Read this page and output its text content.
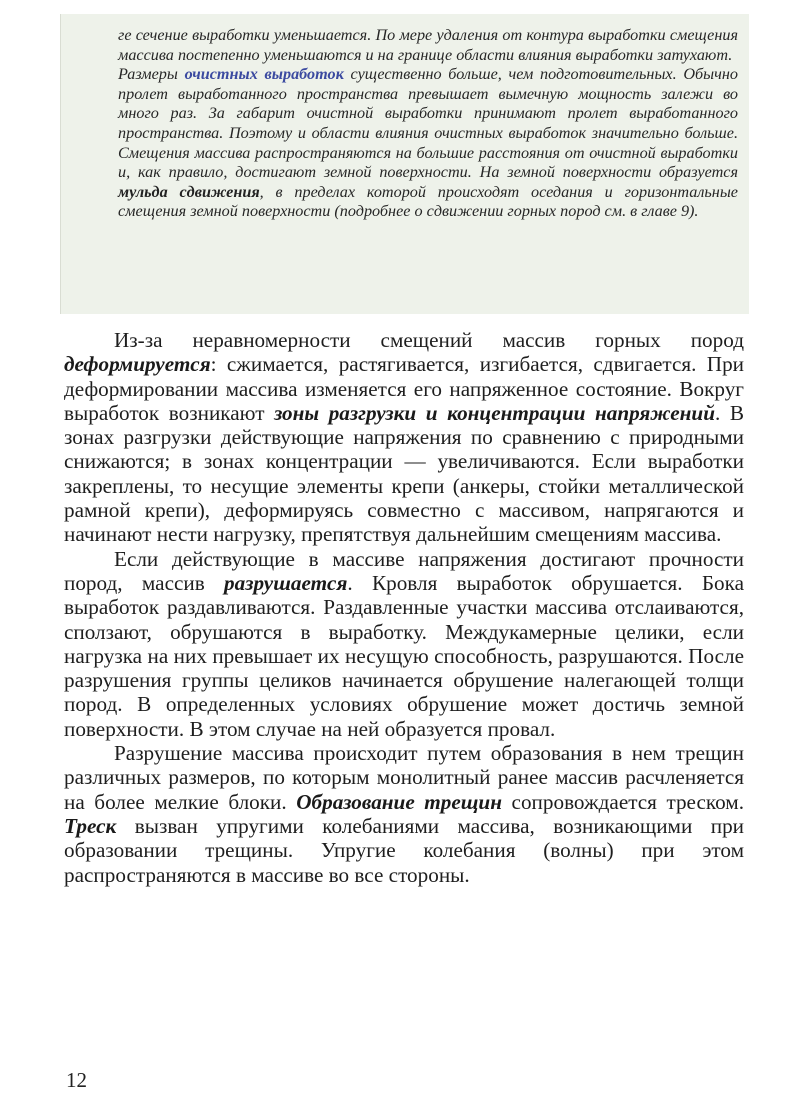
ге сечение выработки уменьшается. По мере удаления от контура выработки смещения массива постепенно уменьшаются и на границе области влияния выработки затухают.

Размеры очистных выработок существенно больше, чем подготовительных. Обычно пролет выработанного пространства превышает вымечную мощность залежи во много раз. За габарит очистной выработки принимают пролет выработанного пространства. Поэтому и области влияния очистных выработок значительно больше. Смещения массива распространяются на большие расстояния от очистной выработки и, как правило, достигают земной поверхности. На земной поверхности образуется мульда сдвижения, в пределах которой происходят оседания и горизонтальные смещения земной поверхности (подробнее о сдвижении горных пород см. в главе 9).

Из-за неравномерности смещений массив горных пород деформируется: сжимается, растягивается, изгибается, сдвигается. При деформировании массива изменяется его напряженное состояние. Вокруг выработок возникают зоны разгрузки и концентрации напряжений. В зонах разгрузки действующие напряжения по сравнению с природными снижаются; в зонах концентрации — увеличиваются. Если выработки закреплены, то несущие элементы крепи (анкеры, стойки металлической рамной крепи), деформируясь совместно с массивом, напрягаются и начинают нести нагрузку, препятствуя дальнейшим смещениям массива.

Если действующие в массиве напряжения достигают прочности пород, массив разрушается. Кровля выработок обрушается. Бока выработок раздавливаются. Раздавленные участки массива отслаиваются, сползают, обрушаются в выработку. Междукамерные целики, если нагрузка на них превышает их несущую способность, разрушаются. После разрушения группы целиков начинается обрушение налегающей толщи пород. В определенных условиях обрушение может достичь земной поверхности. В этом случае на ней образуется провал.

Разрушение массива происходит путем образования в нем трещин различных размеров, по которым монолитный ранее массив расчленяется на более мелкие блоки. Образование трещин сопровождается треском. Треск вызван упругими колебаниями массива, возникающими при образовании трещины. Упругие колебания (волны) при этом распространяются в массиве во все стороны.

12
